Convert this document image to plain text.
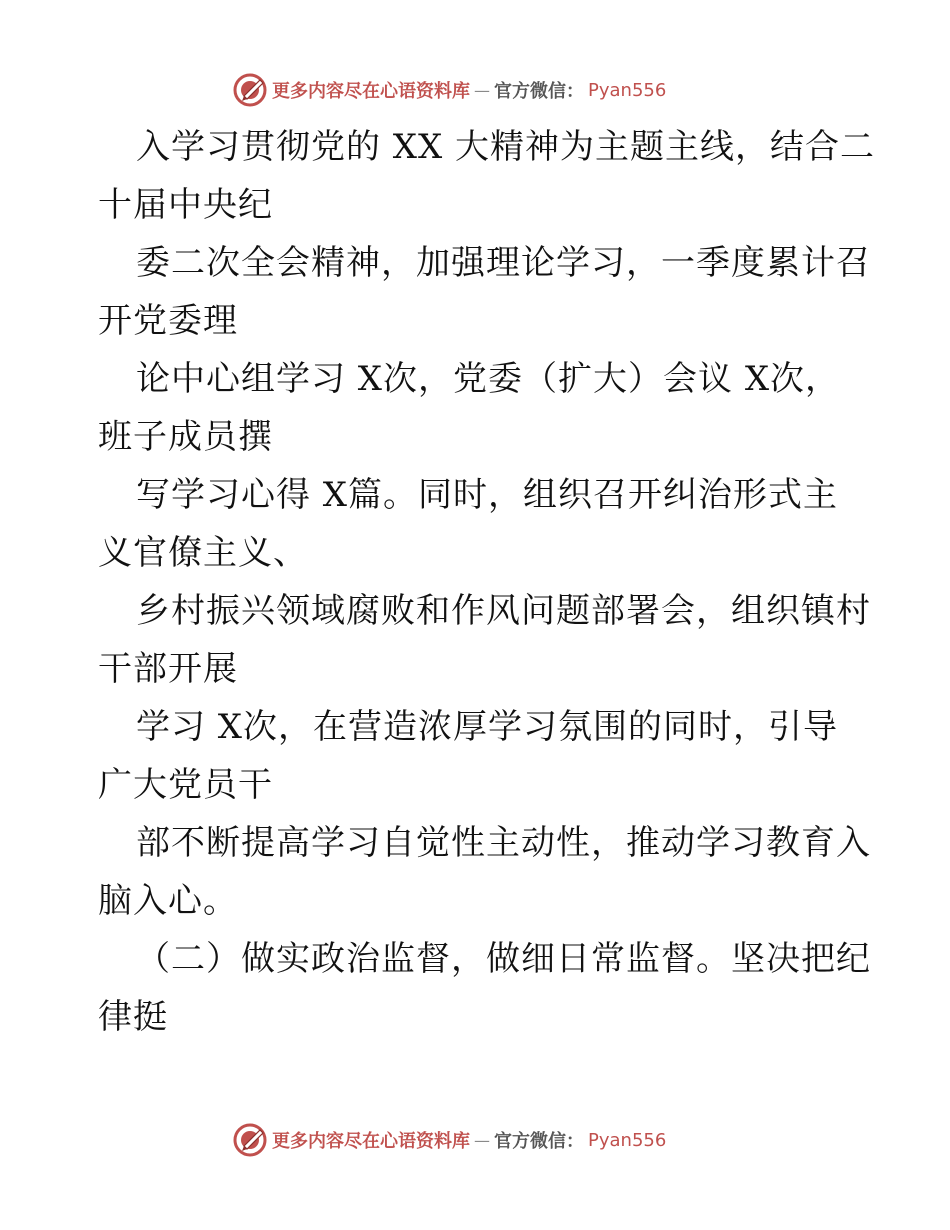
更多内容尽在心语资料库 — 官方微信： Pyan556
入学习贯彻党的 XX 大精神为主题主线，结合二
十届中央纪
委二次全会精神，加强理论学习，一季度累计召
开党委理
论中心组学习 X次，党委（扩大）会议 X次，
班子成员撰
写学习心得 X篇。同时，组织召开纠治形式主
义官僚主义、
乡村振兴领域腐败和作风问题部署会，组织镇村
干部开展
学习 X次，在营造浓厚学习氛围的同时，引导
广大党员干
部不断提高学习自觉性主动性，推动学习教育入
脑入心。
（二）做实政治监督，做细日常监督。坚决把纪
律挺
更多内容尽在心语资料库 — 官方微信： Pyan556
